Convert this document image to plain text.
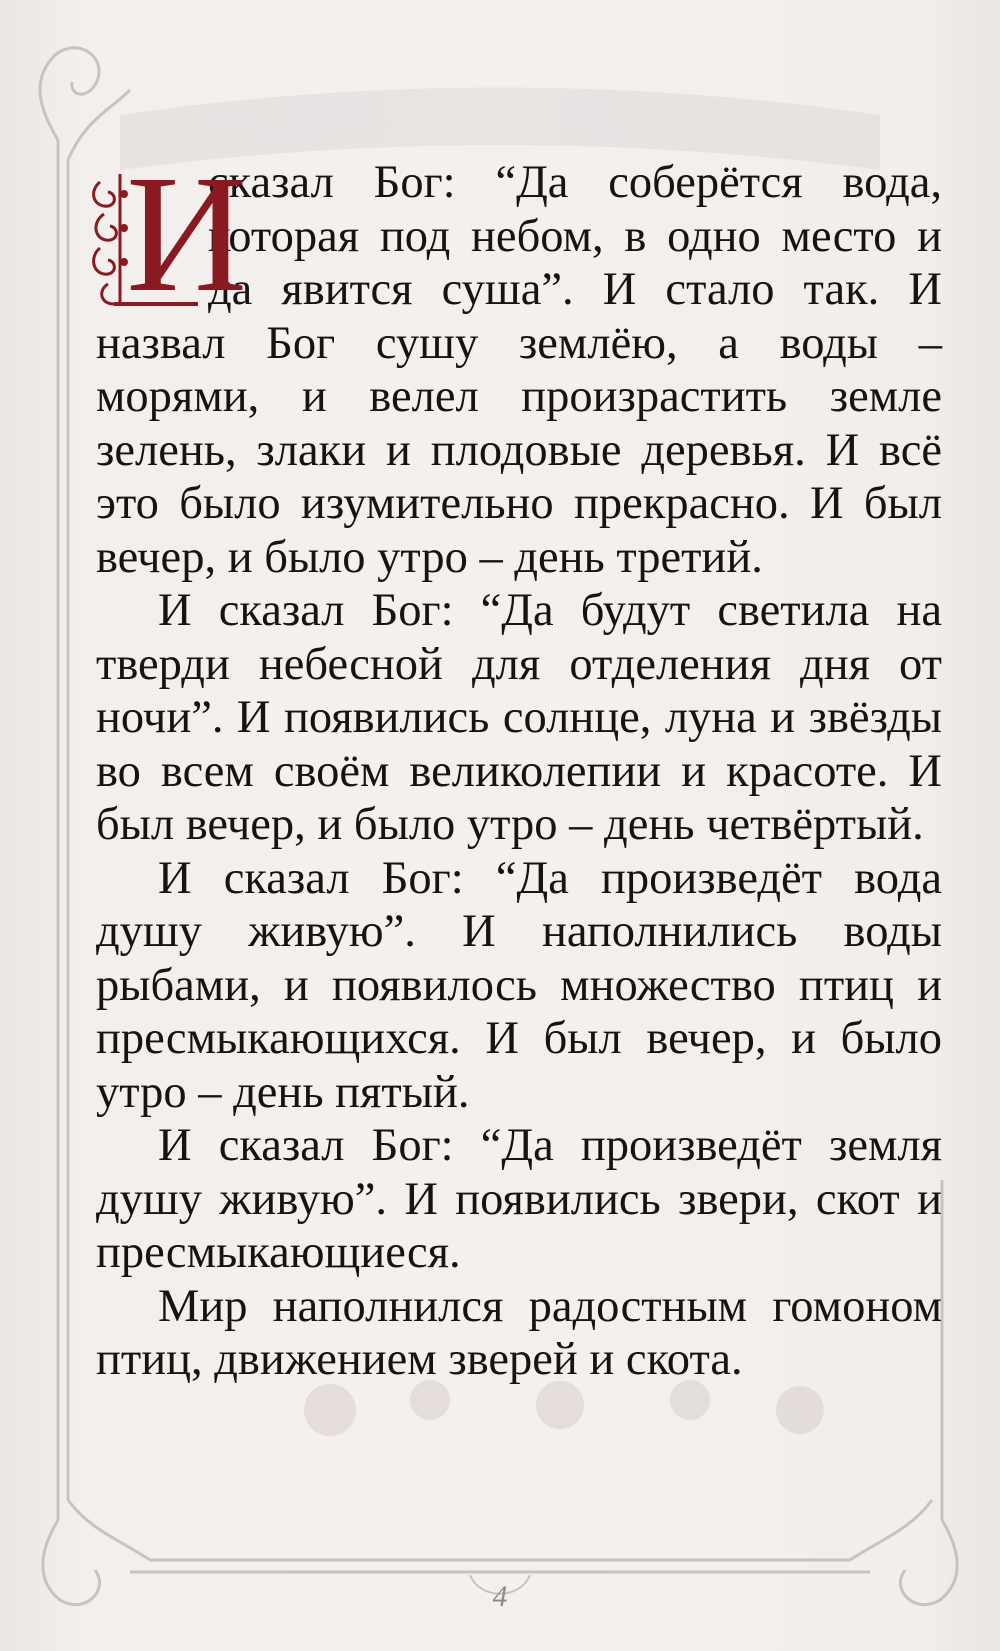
И
сказал Бог: “Да соберётся вода, которая под небом, в одно место и да явится суша”. И стало так. И назвал Бог сушу землёю, а воды – морями, и велел произрастить земле зелень, злаки и плодовые деревья. И всё это было изумительно прекрасно. И был вечер, и было утро – день третий.

И сказал Бог: “Да будут светила на тверди небесной для отделения дня от ночи”. И появились солнце, луна и звёзды во всем своём великолепии и красоте. И был вечер, и было утро – день четвёртый.

И сказал Бог: “Да произведёт вода душу живую”. И наполнились воды рыбами, и появилось множество птиц и пресмыкающихся. И был вечер, и было утро – день пятый.

И сказал Бог: “Да произведёт земля душу живую”. И появились звери, скот и пресмыкающиеся.

Мир наполнился радостным гомоном птиц, движением зверей и скота.

4
